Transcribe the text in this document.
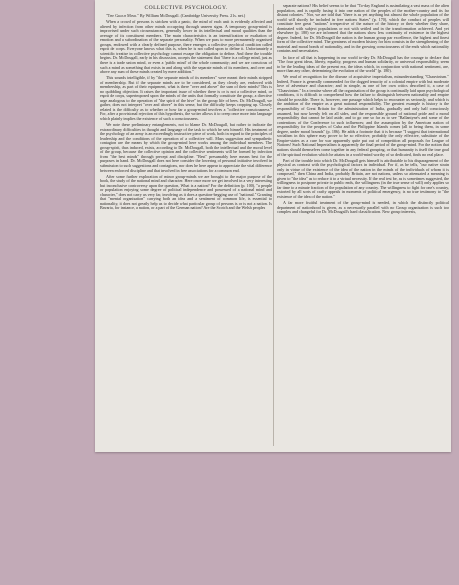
COLLECTIVE PSYCHOLOGY.

"The Group Mind." By William McDougall. (Cambridge University Press. 21s. net.)

When a crowd of persons is stricken with a panic, the mind of each unit is evidently affected and altered by infection from other minds occupying through unseen signs. A temporary group-mind is improvised under such circumstances, generally lower in its intellectual and moral qualities than the average of its constituent members. The main characteristics is an intensification or exaltation of emotion and a subordination of the separate personality. When we pass to more permanently organised groups, endowed with a clearly defined purpose, there emerges a collective psychical condition called esprit de corps. Everyone knows what this is, when he is not called upon to define it. Unfortunately a scientific treatise in collective psychology cannot escape the obligation to define. And there the trouble begins. Dr. McDougall, early in his discussion, accepts the statement that "there is a college mind, just as there is a trade union mind, or even a 'public mind' of the whole community; and we are conscious of such a mind as something that exists in and along with the separate minds of its members, and over and above any sum of these minds created by mere addition."

This sounds intelligible, if by "the separate minds of its members" were meant their minds stripped of membership. But if the separate minds are to be considered, as they clearly are, endowed with membership, as part of their equipment, what is there "over and above" the sum of their minds? This is no quibbling objection. It raises the important issue of whether there is or is not a collective mind, or esprit de corps, superimposed upon the minds of the units that formally constitute the group, a directive urge analogous to the operation of "the spirit of the hive" in the group life of bees. Dr. McDougall, we gather, does not interpret "over and above" in this sense, but the difficulty keeps cropping up. Closely related is the difficulty as to whether or how far a group-mind involves a "collective consciousness." For, after a provisional rejection of this hypothesis, the writer allows it to creep once more into language which plainly implies the existence of such a consciousness.

We note these preliminary entanglements, not to blame Dr. McDougall, but rather to indicate the extraordinary difficulties in thought and language of the task to which he sets himself. His treatment of the psychology of an army is an exceedingly instructive piece of work, both in regard to the principles of leadership and the conditions of the operation of a collective will. Mass suggestion and sympathetic contagion are the means by which the group-mind here works among the individual members. The group-spirit, thus induced, exists, according to Dr. McDougall, both the intellectual and the moral level of the group, because the collective opinion and the collective sentiments will be formed by infection from "the best minds" through precept and discipline. "Best" presumably here means best for the purposes in hand. Dr. McDougall does not here consider the lowering of personal initiative involved in submission to such suggestions and contagions, nor does he here appear to appreciate the vital difference between enforced discipline and that involved in free associations for a common end.

After some further exploration of minor group-minds we are brought to the major purpose of the book, the study of the national mind and character. Here once more we get involved in a very interesting but inconclusive controversy upon the question, What is a nation? For the definition (p. 100), "a people or population enjoying some degree of political independence and possessed of a national mind and character," does not carry us very far, involving as it does a question-begging use of "national." Granting that "mental organisation" carrying both an idea and a sentiment of common life, is essential to nationality, it does not greatly help us to decide what particular group of persons is or is not a nation. Is Bavaria, for instance, a nation, or a part of the German nation? Are the Scotch and the Welsh peoples

separate nations? His belief seems to be that "To-day England is assimilating a vast mass of the alien population, and is rapidly fusing it into one nation of the peoples of the mother-country and its far distant colonies." Nor, we are told that "there is as yet anything but almost the whole population of the world will shortly be included in free nations States" (p. 170), which the conduct of peoples will constitute free great "nations" irrespective of the nature of the history or their whether they share, dominated with subject populations or not with settled and in the transformation achieved. And yet elsewhere (p. 180) we are informed that the nations show less continuity of existence in the highest degree. Indeed, for Dr. McDougall the nation is the human group par excellence, the highest and finest form of the collective mind. The greatness of modern history for him consists in the strengthening of the material and moral bonds of nationality, and in the growing consciousness of the ends which nationality contains and necessitates.

In face of all that is happening in our world to-day Dr. McDougall has the courage to declare that "The four great ideas, liberty, equality, progress and human solidarity, or universal responsibility, seem to be the leading ideas of the present era, the ideas which, in conjunction with national sentiment, are, more than any other, determining the evolution of the world" (p. 180).

We read of recognition for the disease of acquisitive imperialism, misunderstanding "Chauvinism." Indeed, France is generally commended for the dogged tenacity of a colonial empire with but moderate love of adventure and character; and in simple, as one of her own critics described it, a case of "Chauvinism." In a treatise where all the organisation of the group is continually laid upon psychological conditions, it is difficult to comprehend how the failure to distinguish between nationality and empire should be possible. There is, however, one passage which helps to encounter us seriously, and which is the ambition of the empire as a great national responsibility. The greatest example is history is the responsibility of Great Britain for the administration of India, gradually and only half consciously assumed, but now keenly felt on all sides, and the responsible ground of national pride and a moral responsibility that cannot be laid aside, and to go one so far as to see "Ballantyne's and some of the contentions of the Conference to such influences; and the assumption by the American nation of responsibility for the peoples of Cuba and the Philippine Islands comes (all to being them, in some degree, under moral bounds" (p. 186). He adds a footnote that it is because "I suggest that international socialism in this sphere may prove to be so effective, probably the only effective, substitute of the Empire-states as a cure for war apparently quite put out of competition all proposals for League of Nations! Such National Imperialism is apparently the final period of the group-mind. For the notion that nations should themselves come together in any federal grouping, or that humanity is itself the true goal of the spiritual evolution which he attains in a world-mind worthy of so dedicated, finds no real place.

Part of the trouble into which Dr. McDougall gets himself is attributable to his disparagement of the physical as contrast with the psychological factors in individual. For if, as he tells, "our native strain only in virtue of the existence of the idea of the nation in the minds of the individuals of whom it is composed," then China and India, probably Britain, are not nations, unless so attenuated a meaning is given to "the idea" as to reduce it to a virtual necessity. If the real test be, as is sometimes suggested, the willingness to postpone private to public ends, the willingness (in the true sense of will) only applies so far time to a minute fraction of the population of any country. The willingness to fight for one's country, extorted by all sorts of crafty appeals in moments of political emergency, is no true testimony to "the existence of the idea of the nation."

A far more fruitful treatment of the group-mind is needed, in which the distinctly political department of nationhood is given, as a necessarily parallel with no Group organisation is such too complex and changeful for Dr. McDougall's hard classification. New group interests,
